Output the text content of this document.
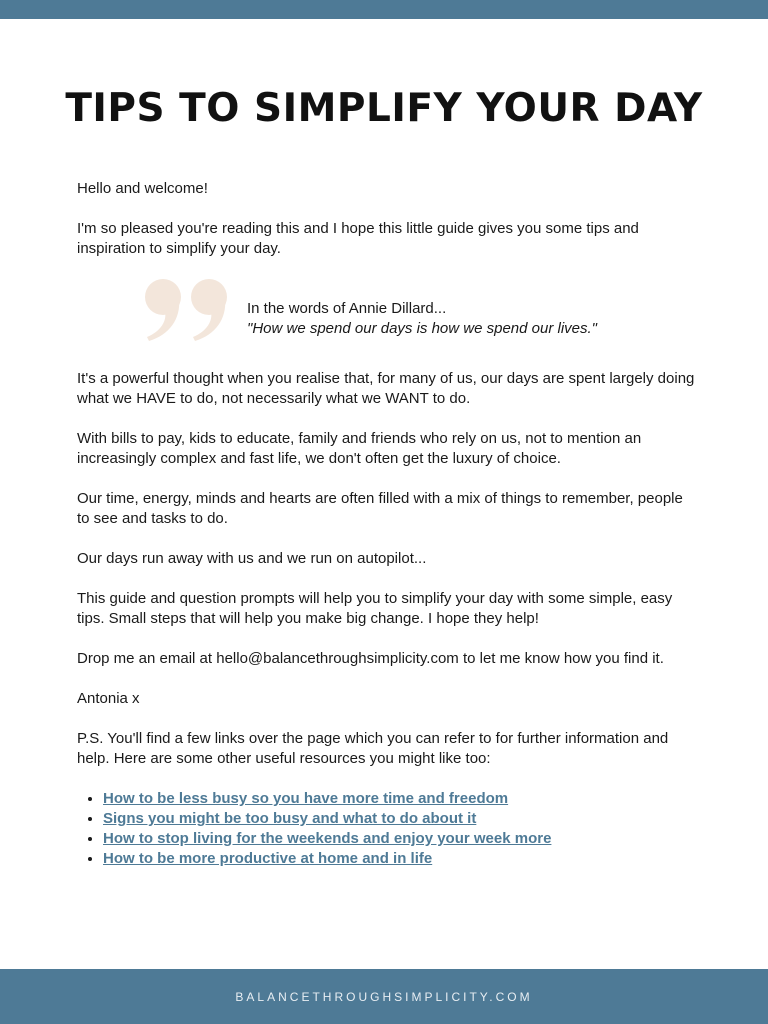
TIPS TO SIMPLIFY YOUR DAY

Hello and welcome!

I'm so pleased you're reading this and I hope this little guide gives you some tips and inspiration to simplify your day.

In the words of Annie Dillard...
"How we spend our days is how we spend our lives."

It's a powerful thought when you realise that, for many of us, our days are spent largely doing what we HAVE to do, not necessarily what we WANT to do.

With bills to pay, kids to educate, family and friends who rely on us, not to mention an increasingly complex and fast life, we don't often get the luxury of choice.

Our time, energy, minds and hearts are often filled with a mix of things to remember, people to see and tasks to do.

Our days run away with us and we run on autopilot...

This guide and question prompts will help you to simplify your day with some simple, easy tips. Small steps that will help you make big change. I hope they help!

Drop me an email at hello@balancethroughsimplicity.com to let me know how you find it.

Antonia x

P.S. You'll find a few links over the page which you can refer to for further information and help. Here are some other useful resources you might like too:

• How to be less busy so you have more time and freedom
• Signs you might be too busy and what to do about it
• How to stop living for the weekends and enjoy your week more
• How to be more productive at home and in life
BALANCETHROUGHSIMPLICITY.COM
